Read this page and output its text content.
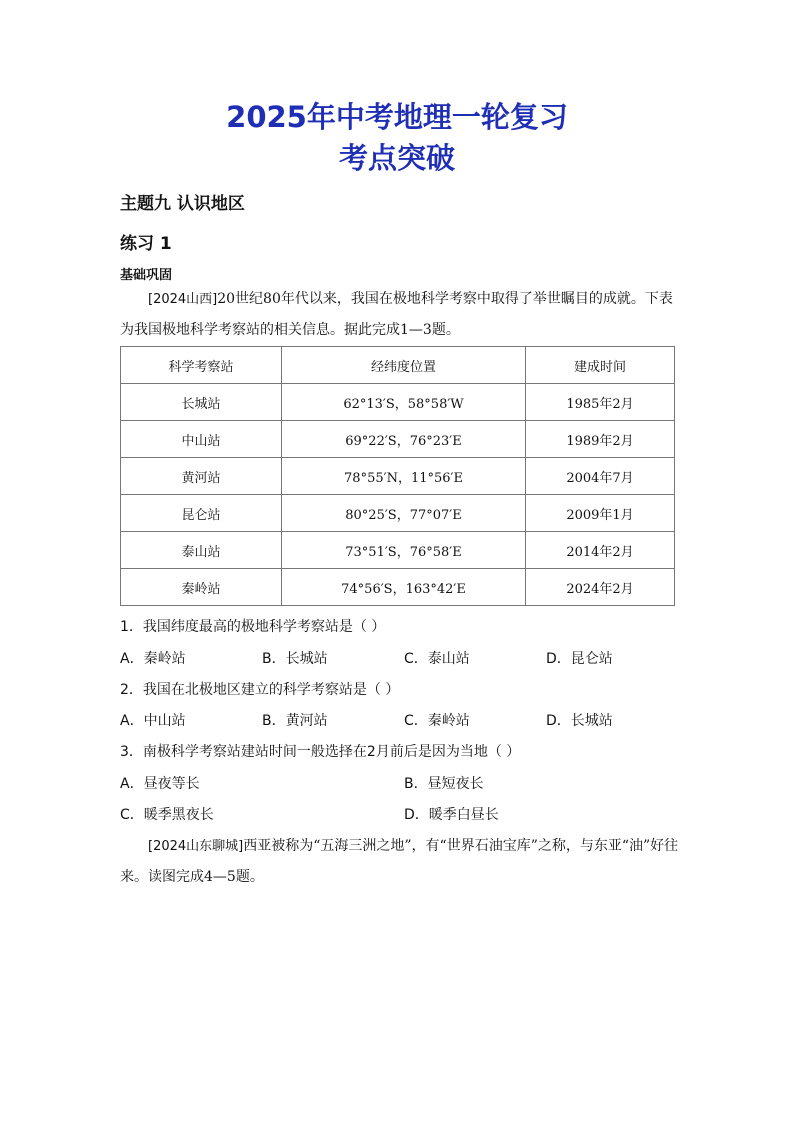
2025年中考地理一轮复习
考点突破
主题九 认识地区
练习 1
基础巩固
[2024山西]20世纪80年代以来，我国在极地科学考察中取得了举世瞩目的成就。下表为我国极地科学考察站的相关信息。据此完成1—3题。
科学考察站	经纬度位置	建成时间
长城站	62°13′S，58°58′W	1985年2月
中山站	69°22′S，76°23′E	1989年2月
黄河站	78°55′N，11°56′E	2004年7月
昆仑站	80°25′S，77°07′E	2009年1月
泰山站	73°51′S，76°58′E	2014年2月
秦岭站	74°56′S，163°42′E	2024年2月
1．我国纬度最高的极地科学考察站是（ ）
A．秦岭站	B．长城站	C．泰山站	D．昆仑站
2．我国在北极地区建立的科学考察站是（ ）
A．中山站	B．黄河站	C．秦岭站	D．长城站
3．南极科学考察站建站时间一般选择在2月前后是因为当地（ ）
A．昼夜等长	B．昼短夜长
C．暖季黑夜长	D．暖季白昼长
[2024山东聊城]西亚被称为“五海三洲之地”，有“世界石油宝库”之称，与东亚“油”好往来。读图完成4—5题。
